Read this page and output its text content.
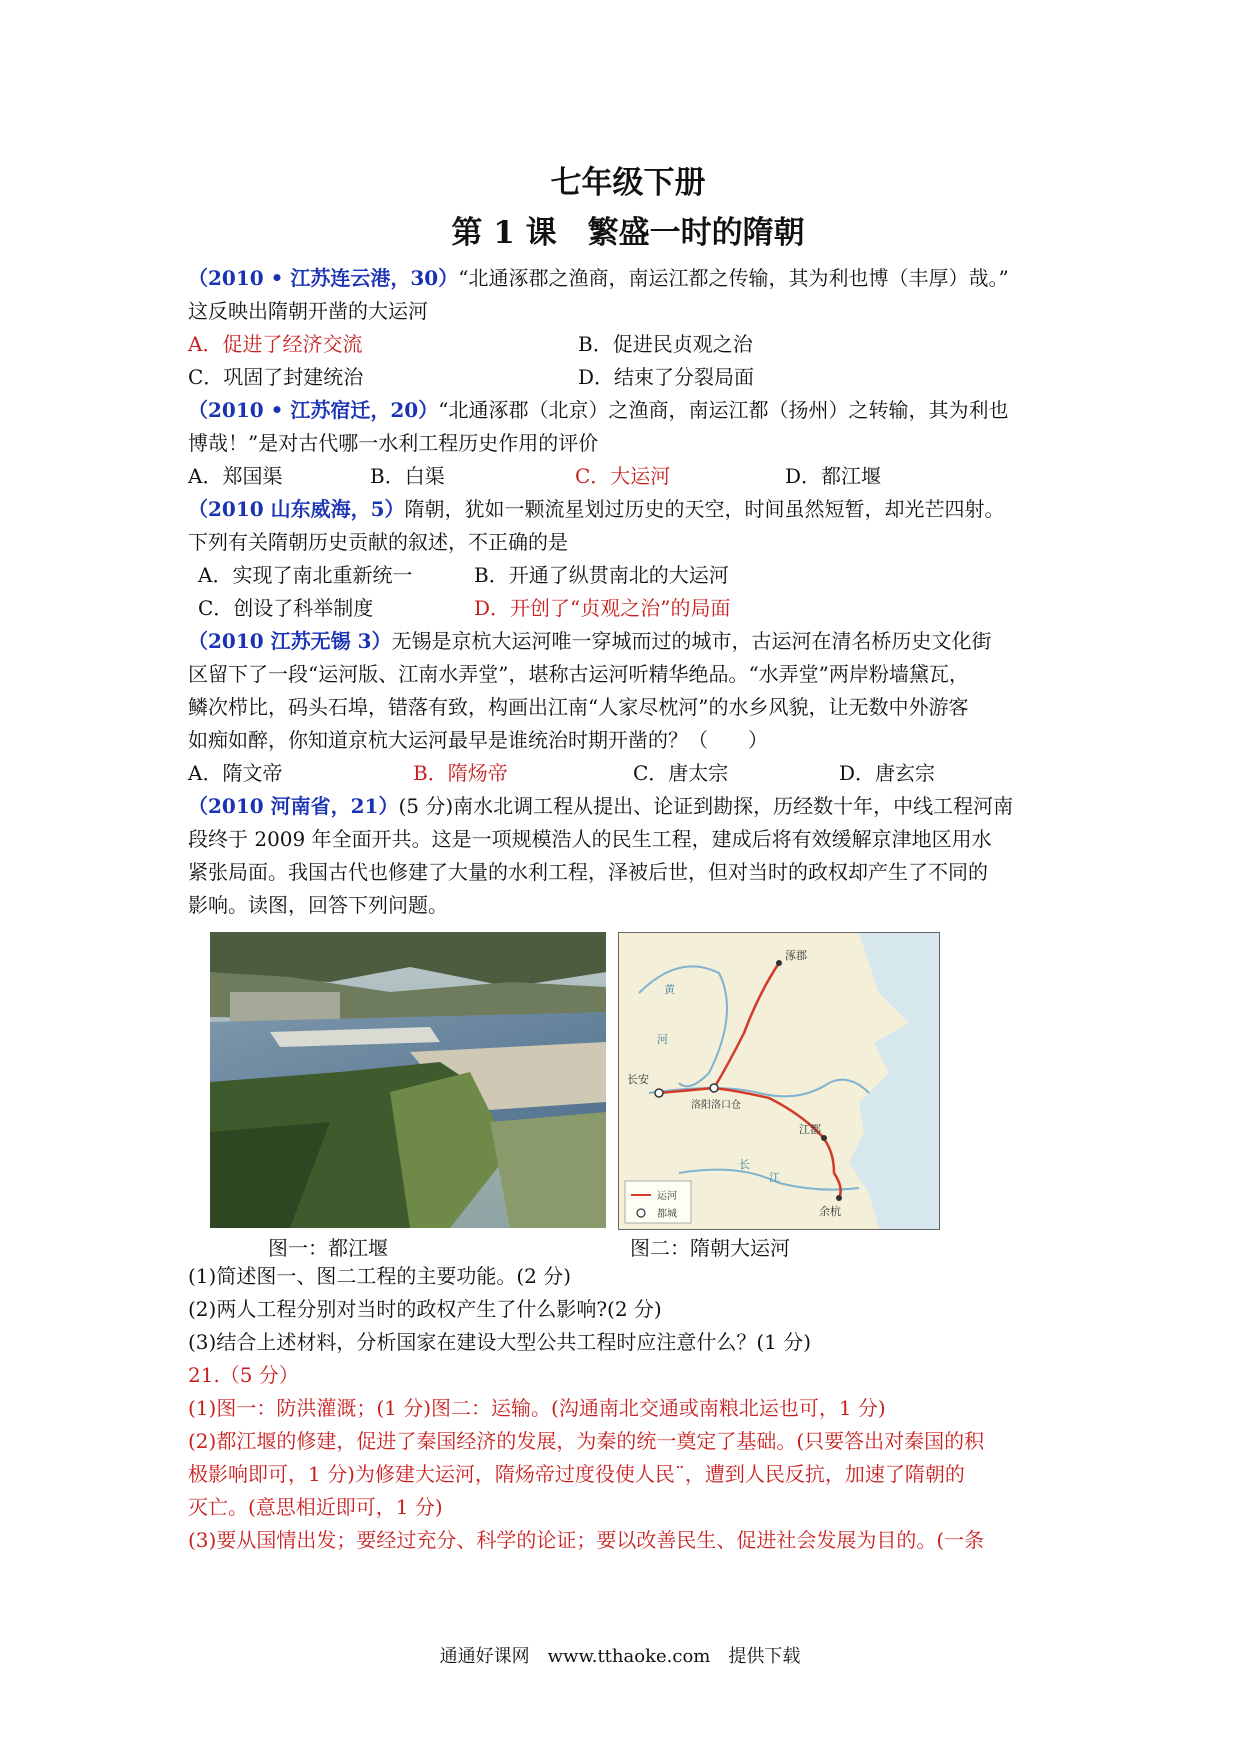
七年级下册
第 1 课　繁盛一时的隋朝

（2010 • 江苏连云港，30）“北通涿郡之渔商，南运江都之传输，其为利也博（丰厚）哉。”

这反映出隋朝开凿的大运河

A．促进了经济交流	B．促进民贞观之治

C．巩固了封建统治	D．结束了分裂局面

（2010 • 江苏宿迁，20）“北通涿郡（北京）之渔商，南运江都（扬州）之转输，其为利也

博哉！”是对古代哪一水利工程历史作用的评价

A．郑国渠	B．白渠	C．大运河	D．都江堰

（2010 山东威海，5）隋朝，犹如一颗流星划过历史的天空，时间虽然短暂，却光芒四射。

下列有关隋朝历史贡献的叙述，不正确的是

A．实现了南北重新统一	B．开通了纵贯南北的大运河

C．创设了科举制度	D．开创了“贞观之治”的局面

（2010 江苏无锡 3）无锡是京杭大运河唯一穿城而过的城市，古运河在清名桥历史文化街

区留下了一段“运河版、江南水弄堂”，堪称古运河听精华绝品。“水弄堂”两岸粉墙黛瓦，

鳞次栉比，码头石埠，错落有致，构画出江南“人家尽枕河”的水乡风貌，让无数中外游客

如痴如醉，你知道京杭大运河最早是谁统治时期开凿的？（　　）

A．隋文帝	B．隋炀帝	C．唐太宗	D．唐玄宗

（2010 河南省，21）(5 分)南水北调工程从提出、论证到勘探，历经数十年，中线工程河南

段终于 2009 年全面开共。这是一项规模浩人的民生工程，建成后将有效缓解京津地区用水

紧张局面。我国古代也修建了大量的水利工程，泽被后世，但对当时的政权却产生了不同的

影响。读图，回答下列问题。

涿郡
长安
洛阳洛口仓
江都
余杭
黄
河
长
江
运河
都城
图一：都江堰	图二：隋朝大运河

(1)简述图一、图二工程的主要功能。(2 分)

(2)两人工程分别对当时的政权产生了什么影响?(2 分)

(3)结合上述材料，分析国家在建设大型公共工程时应注意什么？(1 分)

21.（5 分）

(1)图一：防洪灌溉；(1 分)图二：运输。(沟通南北交通或南粮北运也可，1 分)

(2)都江堰的修建，促进了秦国经济的发展，为秦的统一奠定了基础。(只要答出对秦国的积

极影响即可，1 分)为修建大运河，隋炀帝过度役使人民¨，遭到人民反抗，加速了隋朝的

灭亡。(意思相近即可，1 分)

(3)要从国情出发；要经过充分、科学的论证；要以改善民生、促进社会发展为目的。(一条

通通好课网　www.tthaoke.com　提供下载
